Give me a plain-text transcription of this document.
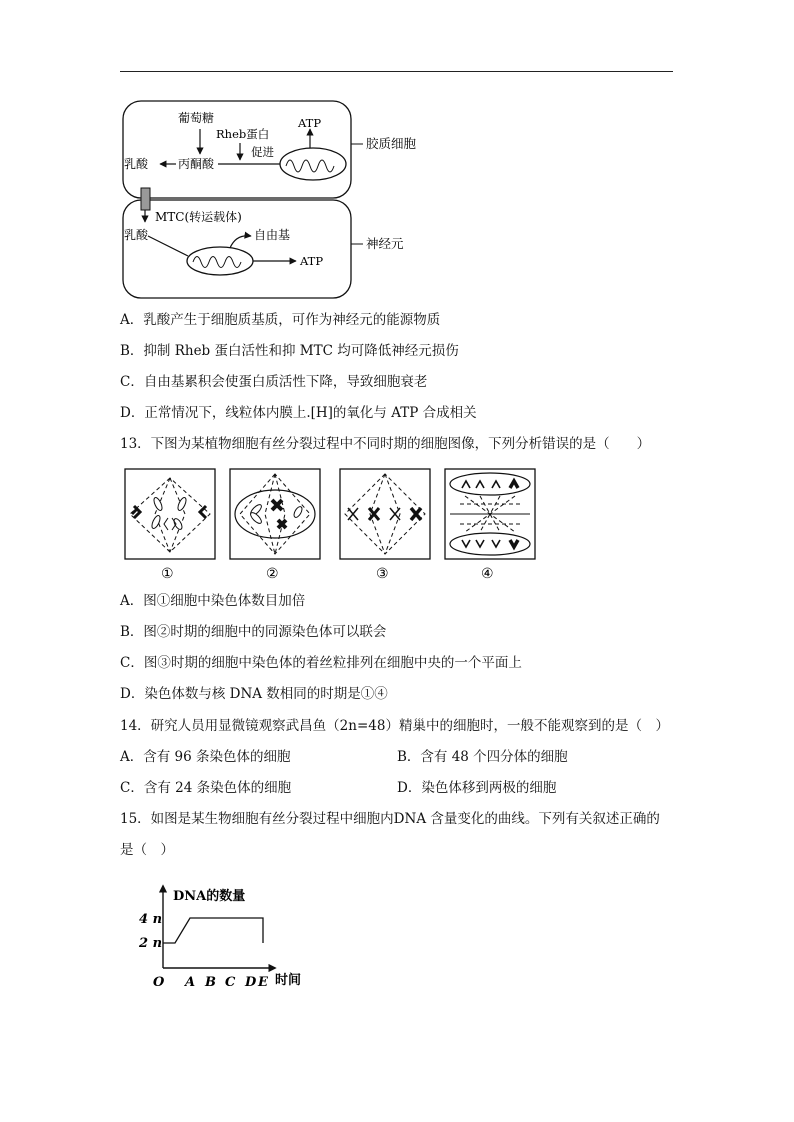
葡萄糖
丙酮酸
乳酸
Rheb蛋白
促进
ATP
胶质细胞
MTC(转运载体)
乳酸	自由基
ATP
神经元
A．乳酸产生于细胞质基质，可作为神经元的能源物质
B．抑制 Rheb 蛋白活性和抑 MTC 均可降低神经元损伤
C．自由基累积会使蛋白质活性下降，导致细胞衰老
D．正常情况下，线粒体内膜上.[H]的氧化与 ATP 合成相关
13．下图为某植物细胞有丝分裂过程中不同时期的细胞图像，下列分析错误的是（　　）
①	②	③	④
A．图①细胞中染色体数目加倍
B．图②时期的细胞中的同源染色体可以联会
C．图③时期的细胞中染色体的着丝粒排列在细胞中央的一个平面上
D．染色体数与核 DNA 数相同的时期是①④
14．研究人员用显微镜观察武昌鱼（2n=48）精巢中的细胞时，一般不能观察到的是（　）
A．含有 96 条染色体的细胞	B．含有 48 个四分体的细胞
C．含有 24 条染色体的细胞	D．染色体移到两极的细胞
15．如图是某生物细胞有丝分裂过程中细胞内DNA 含量变化的曲线。下列有关叙述正确的
是（　）
DNA的数量
时间
4 n
2 n
O A B C D E
